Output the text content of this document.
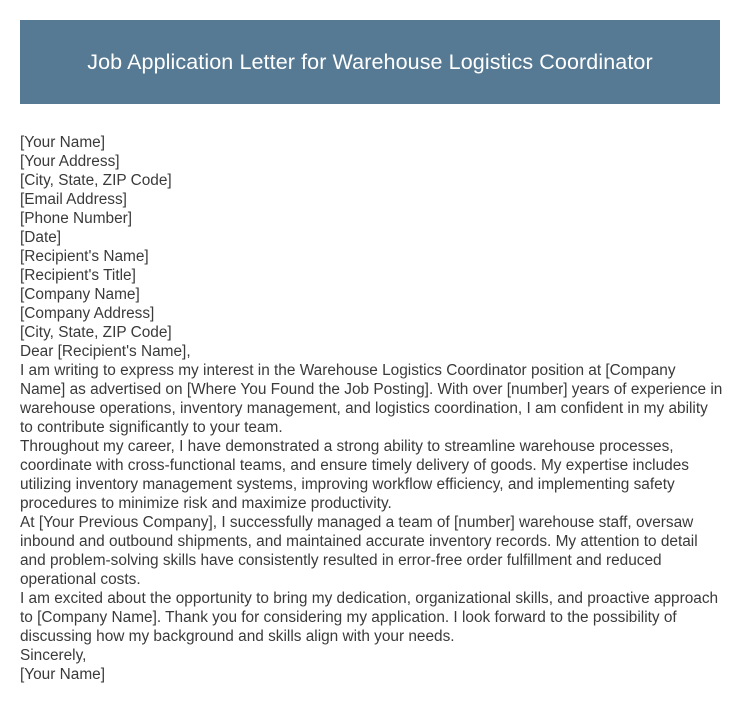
Job Application Letter for Warehouse Logistics Coordinator

[Your Name]

[Your Address]

[City, State, ZIP Code]

[Email Address]

[Phone Number]

[Date]

[Recipient's Name]

[Recipient's Title]

[Company Name]

[Company Address]

[City, State, ZIP Code]

Dear [Recipient's Name],

I am writing to express my interest in the Warehouse Logistics Coordinator position at [Company Name] as advertised on [Where You Found the Job Posting]. With over [number] years of experience in warehouse operations, inventory management, and logistics coordination, I am confident in my ability to contribute significantly to your team.

Throughout my career, I have demonstrated a strong ability to streamline warehouse processes, coordinate with cross-functional teams, and ensure timely delivery of goods. My expertise includes utilizing inventory management systems, improving workflow efficiency, and implementing safety procedures to minimize risk and maximize productivity.

At [Your Previous Company], I successfully managed a team of [number] warehouse staff, oversaw inbound and outbound shipments, and maintained accurate inventory records. My attention to detail and problem-solving skills have consistently resulted in error-free order fulfillment and reduced operational costs.

I am excited about the opportunity to bring my dedication, organizational skills, and proactive approach to [Company Name]. Thank you for considering my application. I look forward to the possibility of discussing how my background and skills align with your needs.

Sincerely,

[Your Name]
